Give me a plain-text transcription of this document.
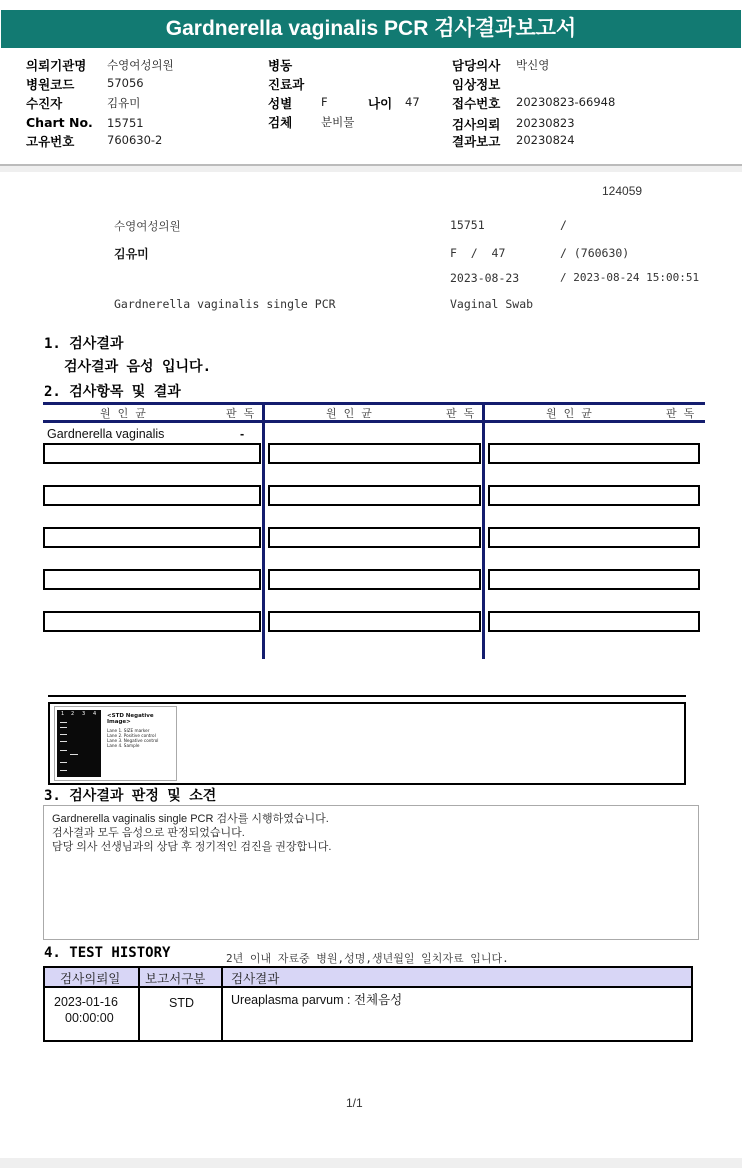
Gardnerella vaginalis PCR 검사결과보고서
의뢰기관명 수영여성의원
병원코드	57056
수진자	김유미
Chart No. 15751
고유번호	760630-2
병동
진료과
성별	F	나이 47
검체	분비물
담당의사 박신영
임상정보
접수번호 20230823-66948
검사의뢰 20230823
결과보고 20230824
124059
수영여성의원	15751	/
김유미	F  /  47	/ (760630)
2023-08-23	/ 2023-08-24 15:00:51
Gardnerella vaginalis single PCR	Vaginal Swab
1. 검사결과
검사결과 음성 입니다.
2. 검사항목 및 결과
원인균	판독	원인균	판독	원인균	판독
Gardnerella vaginalis	-
1 2 3 4 <STD Negative Image>
Lane 1. SIZE marker
Lane 2. Positive control
Lane 3. Negative control
Lane 4. Sample
3. 검사결과 판정 및 소견
Gardnerella vaginalis single PCR 검사를 시행하였습니다.
검사결과 모두 음성으로 판정되었습니다.
담당 의사 선생님과의 상담 후 정기적인 검진을 권장합니다.
4. TEST HISTORY	2년 이내 자료중 병원,성명,생년월일 일치자료 입니다.
검사의뢰일 보고서구분 검사결과
2023-01-16
00:00:00
STD	Ureaplasma parvum : 전체음성
1/1
